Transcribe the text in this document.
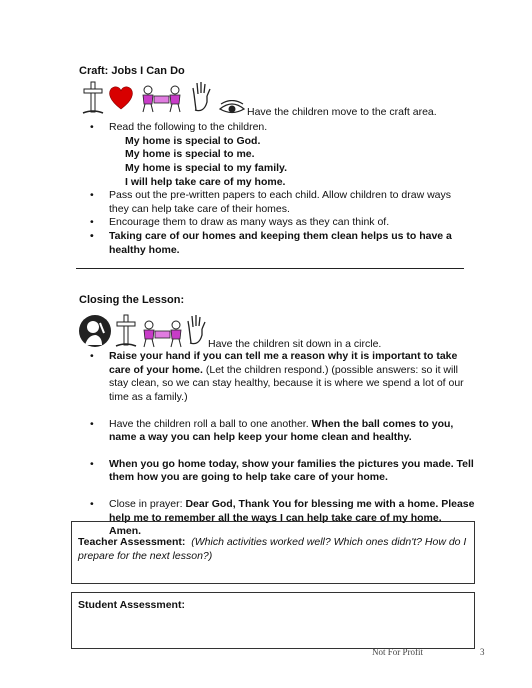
Craft: Jobs I Can Do
Have the children move to the craft area.
• Read the following to the children.
My home is special to God.
My home is special to me.
My home is special to my family.
I will help take care of my home.
• Pass out the pre-written papers to each child. Allow children to draw ways they can help take care of their homes.
• Encourage them to draw as many ways as they can think of.
• Taking care of our homes and keeping them clean helps us to have a healthy home.
Closing the Lesson:
Have the children sit down in a circle.
• Raise your hand if you can tell me a reason why it is important to take care of your home. (Let the children respond.) (possible answers: so it will stay clean, so we can stay healthy, because it is where we spend a lot of our time as a family.)
• Have the children roll a ball to one another. When the ball comes to you, name a way you can help keep your home clean and healthy.
• When you go home today, show your families the pictures you made. Tell them how you are going to help take care of your home.
• Close in prayer: Dear God, Thank You for blessing me with a home. Please help me to remember all the ways I can help take care of my home. Amen.
Teacher Assessment: (Which activities worked well? Which ones didn't? How do I prepare for the next lesson?)
Student Assessment:
Not For Profit	3
